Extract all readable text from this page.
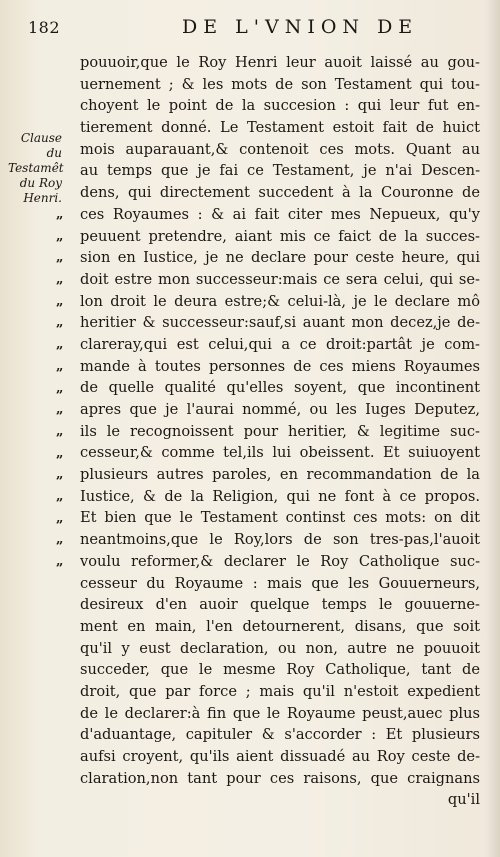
182	DE L'VNION DE
Clause du
Testamêt
du Roy
Henri.
„
„
„
„
„
„
„
„
„
„
„
„
„
„
„
„
„
pouuoir,que le Roy Henri leur auoit laissé au gou-
uernement ; & les mots de son Testament qui tou-
choyent le point de la succesion : qui leur fut en-
tierement donné. Le Testament estoit fait de huict
mois auparauant,& contenoit ces mots. Quant au
au temps que je fai ce Testament, je n'ai Descen-
dens, qui directement succedent à la Couronne de
ces Royaumes : & ai fait citer mes Nepueux, qu'y
peuuent pretendre, aiant mis ce faict de la succes-
sion en Iustice, je ne declare pour ceste heure, qui
doit estre mon successeur:mais ce sera celui, qui se-
lon droit le deura estre;& celui-là, je le declare mô
heritier & successeur:sauf,si auant mon decez,je de-
clareray,qui est celui,qui a ce droit:partât je com-
mande à toutes personnes de ces miens Royaumes
de quelle qualité qu'elles soyent, que incontinent
apres que je l'aurai nommé, ou les Iuges Deputez,
ils le recognoissent pour heritier, & legitime suc-
cesseur,& comme tel,ils lui obeissent. Et suiuoyent
plusieurs autres paroles, en recommandation de la
Iustice, & de la Religion, qui ne font à ce propos.
Et bien que le Testament continst ces mots: on dit
neantmoins,que le Roy,lors de son tres-pas,l'auoit
voulu reformer,& declarer le Roy Catholique suc-
cesseur du Royaume : mais que les Gouuerneurs,
desireux d'en auoir quelque temps le gouuerne-
ment en main, l'en detournerent, disans, que soit
qu'il y eust declaration, ou non, autre ne pouuoit
succeder, que le mesme Roy Catholique, tant de
droit, que par force ; mais qu'il n'estoit expedient
de le declarer:à fin que le Royaume peust,auec plus
d'aduantage, capituler & s'accorder : Et plusieurs
aufsi croyent, qu'ils aient dissuadé au Roy ceste de-
claration,non tant pour ces raisons, que craignans
qu'il
